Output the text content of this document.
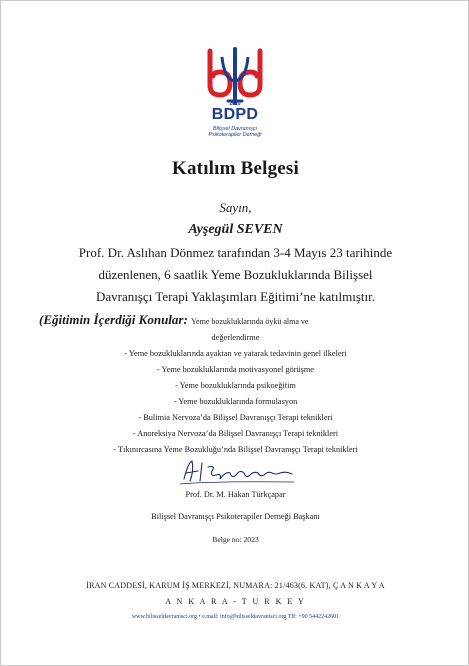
2010
BDPD
Bilişsel Davranışçı
Psikoterapiler Derneği
Katılım Belgesi
Sayın,
Ayşegül SEVEN
Prof. Dr. Aslıhan Dönmez tarafından 3-4 Mayıs 23 tarihinde
düzenlenen, 6 saatlik Yeme Bozukluklarında Bilişsel
Davranışçı Terapi Yaklaşımları Eğitimi’ne katılmıştır.
(Eğitimin İçerdiği Konular: Yeme bozukluklarında öykü alma ve
değerlendirme
- Yeme bozukluklarında ayaktan ve yatarak tedavinin genel ilkeleri
- Yeme bozukluklarında motivasyonel görüşme
- Yeme bozukluklarında psikoeğitim
- Yeme bozukluklarında formulasyon
- Bulimia Nervoza’da Bilişsel Davranışçı Terapi teknikleri
- Anoreksiya Nervoza’da Bilişsel Davranışçı Terapi teknikleri
- Tıkınırcasına Yeme Bozukluğu’nda Bilişsel Davranışçı Terapi teknikleri
Prof. Dr. M. Hakan Türkçapar
Bilişsel Davranışçı Psikoterapiler Derneği Başkanı
Belge no: 2023
İRAN CADDESİ, KARUM İŞ MERKEZİ, NUMARA: 21/463(6. KAT), Ç A N K A Y A
A N K A R A - T U R K E Y
www.bilisseldavranisci.org • e.mail: info@bilisseldavranisci.org Tlf: +90 5442242601
